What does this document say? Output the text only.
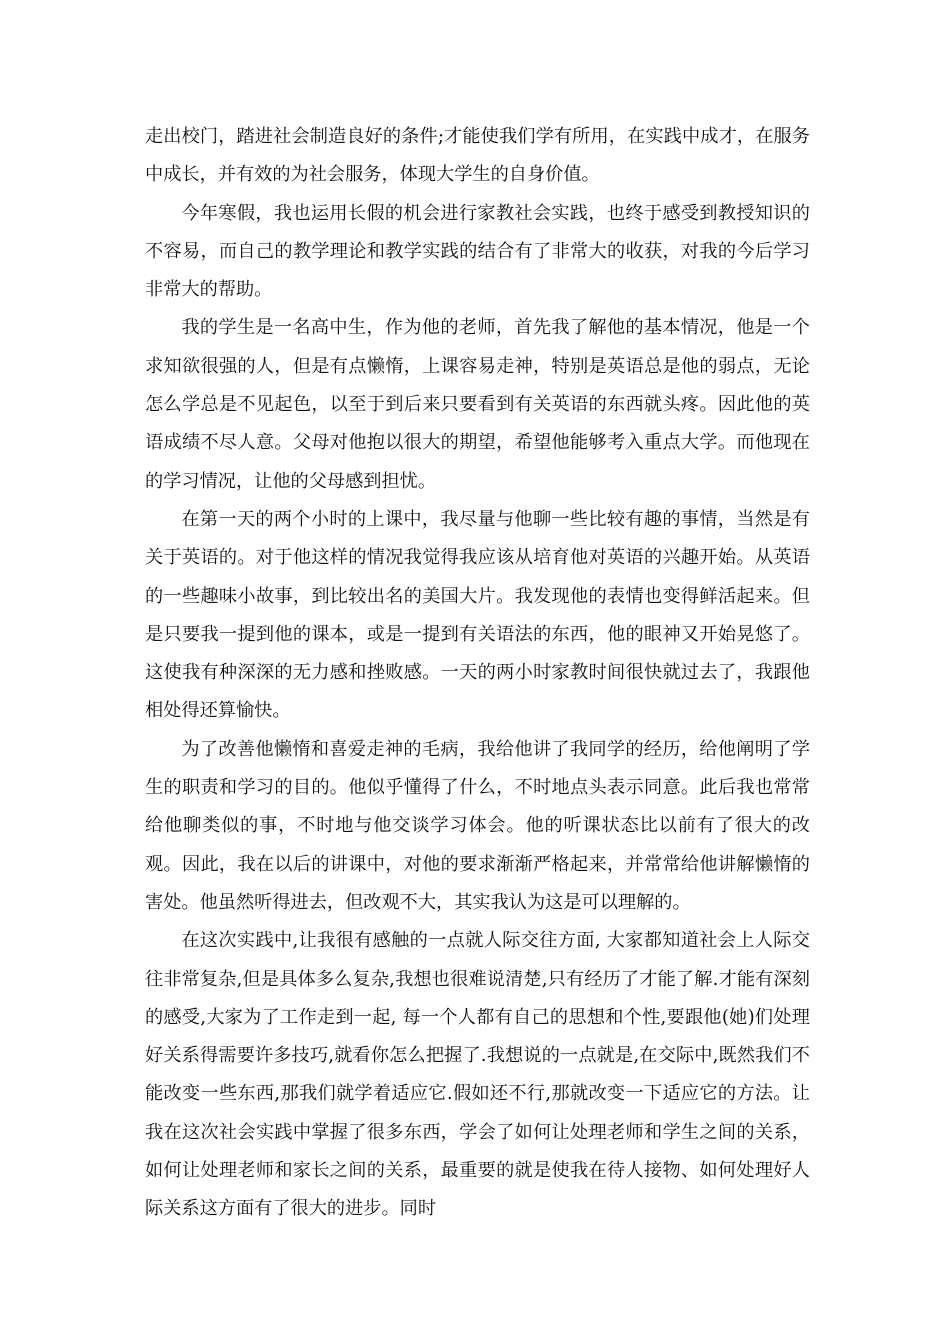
走出校门，踏进社会制造良好的条件;才能使我们学有所用，在实践中成才，在服务中成长，并有效的为社会服务，体现大学生的自身价值。

今年寒假，我也运用长假的机会进行家教社会实践，也终于感受到教授知识的不容易，而自己的教学理论和教学实践的结合有了非常大的收获，对我的今后学习非常大的帮助。

我的学生是一名高中生，作为他的老师，首先我了解他的基本情况，他是一个求知欲很强的人，但是有点懒惰，上课容易走神，特别是英语总是他的弱点，无论怎么学总是不见起色，以至于到后来只要看到有关英语的东西就头疼。因此他的英语成绩不尽人意。父母对他抱以很大的期望，希望他能够考入重点大学。而他现在的学习情况，让他的父母感到担忧。

在第一天的两个小时的上课中，我尽量与他聊一些比较有趣的事情，当然是有关于英语的。对于他这样的情况我觉得我应该从培育他对英语的兴趣开始。从英语的一些趣味小故事，到比较出名的美国大片。我发现他的表情也变得鲜活起来。但是只要我一提到他的课本，或是一提到有关语法的东西，他的眼神又开始晃悠了。这使我有种深深的无力感和挫败感。一天的两小时家教时间很快就过去了，我跟他相处得还算愉快。

为了改善他懒惰和喜爱走神的毛病，我给他讲了我同学的经历，给他阐明了学生的职责和学习的目的。他似乎懂得了什么，不时地点头表示同意。此后我也常常给他聊类似的事，不时地与他交谈学习体会。他的听课状态比以前有了很大的改观。因此，我在以后的讲课中，对他的要求渐渐严格起来，并常常给他讲解懒惰的害处。他虽然听得进去，但改观不大，其实我认为这是可以理解的。

在这次实践中,让我很有感触的一点就人际交往方面, 大家都知道社会上人际交往非常复杂,但是具体多么复杂,我想也很难说清楚,只有经历了才能了解.才能有深刻的感受,大家为了工作走到一起, 每一个人都有自己的思想和个性,要跟他(她)们处理好关系得需要许多技巧,就看你怎么把握了.我想说的一点就是,在交际中,既然我们不能改变一些东西,那我们就学着适应它.假如还不行,那就改变一下适应它的方法。让我在这次社会实践中掌握了很多东西，学会了如何让处理老师和学生之间的关系，如何让处理老师和家长之间的关系，最重要的就是使我在待人接物、如何处理好人际关系这方面有了很大的进步。同时
